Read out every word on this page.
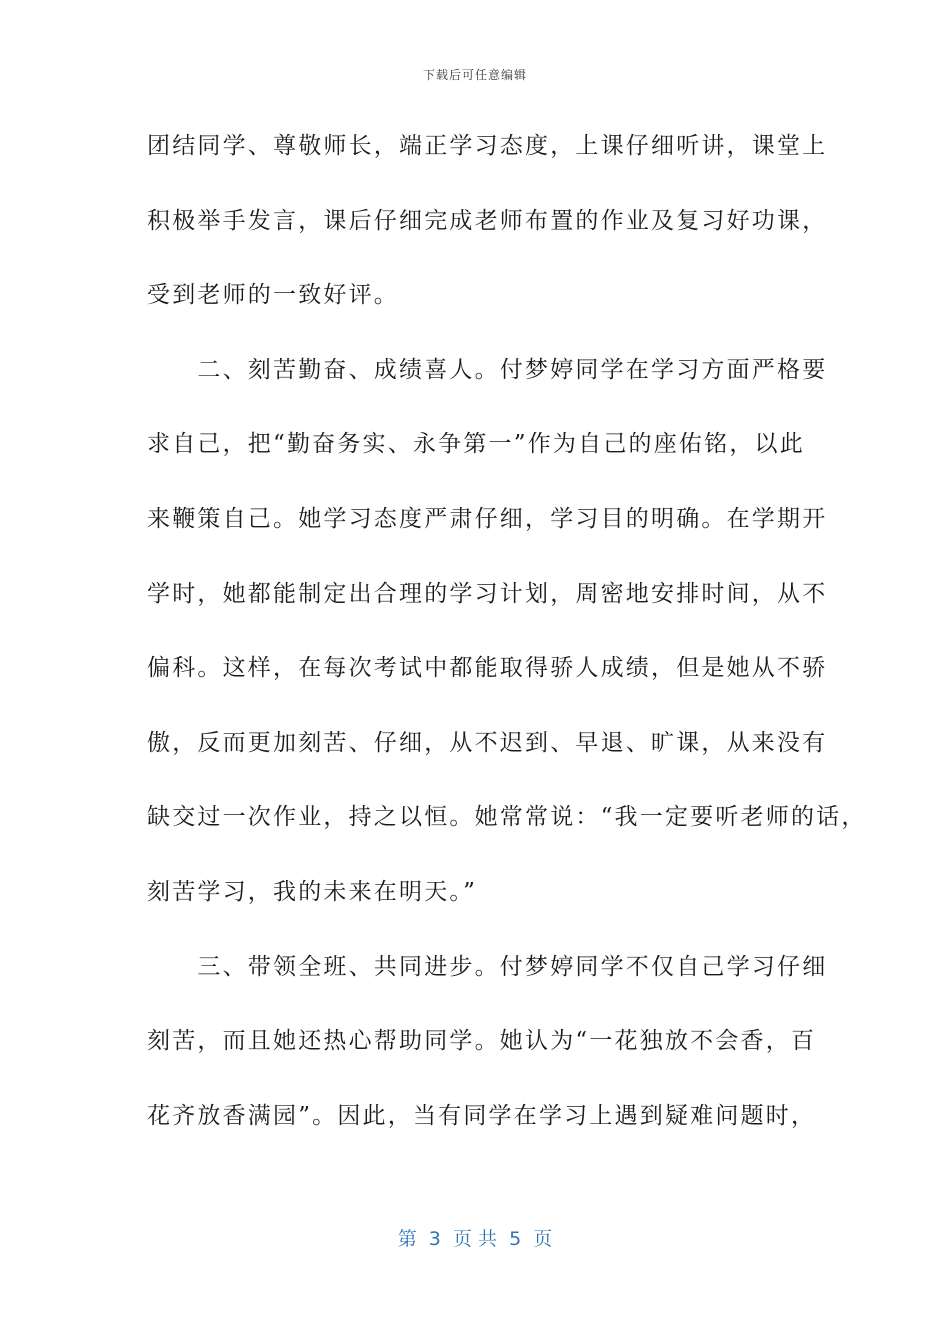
下载后可任意编辑
团结同学、尊敬师长，端正学习态度，上课仔细听讲，课堂上
积极举手发言，课后仔细完成老师布置的作业及复习好功课，
受到老师的一致好评。
　　二、刻苦勤奋、成绩喜人。付梦婷同学在学习方面严格要
求自己，把“勤奋务实、永争第一”作为自己的座佑铭，以此
来鞭策自己。她学习态度严肃仔细，学习目的明确。在学期开
学时，她都能制定出合理的学习计划，周密地安排时间，从不
偏科。这样，在每次考试中都能取得骄人成绩，但是她从不骄
傲，反而更加刻苦、仔细，从不迟到、早退、旷课，从来没有
缺交过一次作业，持之以恒。她常常说：“我一定要听老师的话，
刻苦学习，我的未来在明天。”
　　三、带领全班、共同进步。付梦婷同学不仅自己学习仔细
刻苦，而且她还热心帮助同学。她认为“一花独放不会香，百
花齐放香满园”。因此，当有同学在学习上遇到疑难问题时，
第  3  页 共  5  页
